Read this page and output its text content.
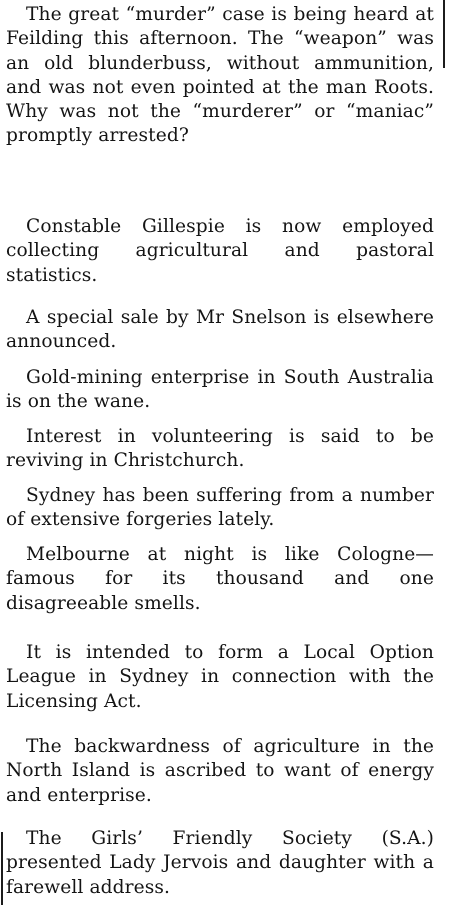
The great “murder” case is being heard at Feilding this afternoon. The “weapon” was an old blunderbuss, without ammunition, and was not even pointed at the man Roots. Why was not the “murderer” or “maniac” promptly arrested?

Constable Gillespie is now employed collecting agricultural and pastoral statistics.

A special sale by Mr Snelson is elsewhere announced.

Gold-mining enterprise in South Australia is on the wane.

Interest in volunteering is said to be reviving in Christchurch.

Sydney has been suffering from a number of extensive forgeries lately.

Melbourne at night is like Cologne—famous for its thousand and one disagreeable smells.

It is intended to form a Local Option League in Sydney in connection with the Licensing Act.

The backwardness of agriculture in the North Island is ascribed to want of energy and enterprise.

The Girls’ Friendly Society (S.A.) presented Lady Jervois and daughter with a farewell address.
